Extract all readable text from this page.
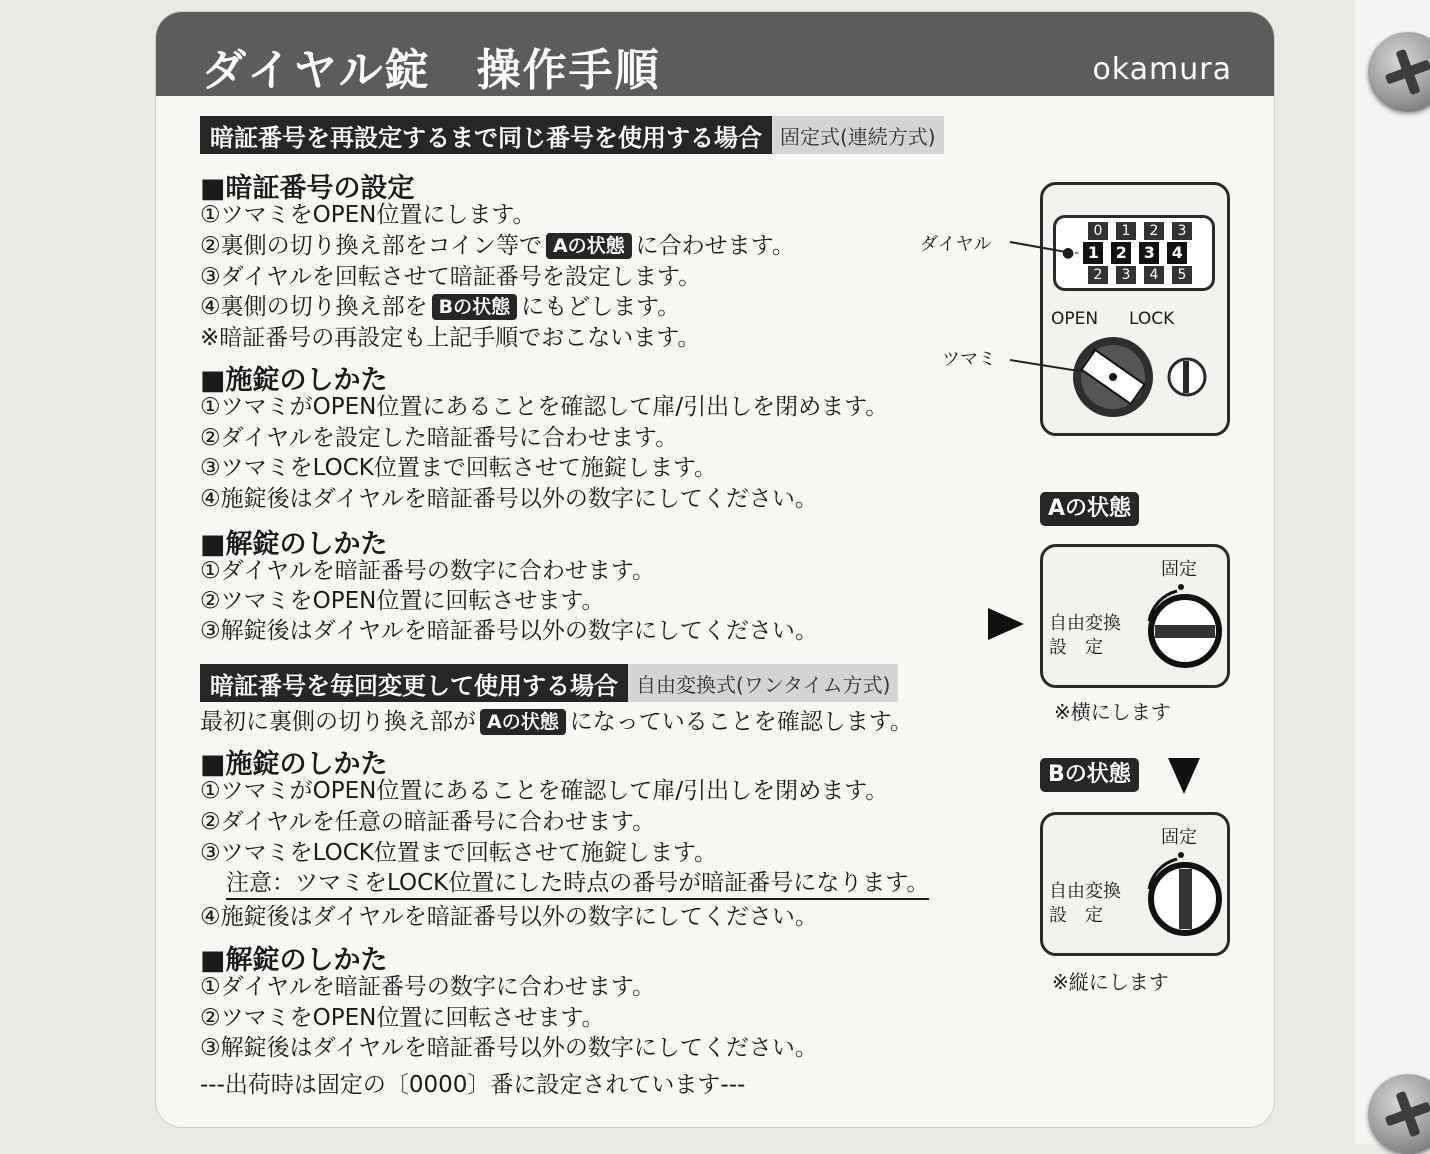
ダイヤル錠　操作手順	okamura
暗証番号を再設定するまで同じ番号を使用する場合 固定式(連続方式)
■暗証番号の設定
①ツマミをOPEN位置にします。
②裏側の切り換え部をコイン等で Aの状態 に合わせます。
③ダイヤルを回転させて暗証番号を設定します。
④裏側の切り換え部を Bの状態 にもどします。
※暗証番号の再設定も上記手順でおこないます。
■施錠のしかた
①ツマミがOPEN位置にあることを確認して扉/引出しを閉めます。
②ダイヤルを設定した暗証番号に合わせます。
③ツマミをLOCK位置まで回転させて施錠します。
④施錠後はダイヤルを暗証番号以外の数字にしてください。
■解錠のしかた
①ダイヤルを暗証番号の数字に合わせます。
②ツマミをOPEN位置に回転させます。
③解錠後はダイヤルを暗証番号以外の数字にしてください。
暗証番号を毎回変更して使用する場合 自由変換式(ワンタイム方式)
最初に裏側の切り換え部が Aの状態 になっていることを確認します。
■施錠のしかた
①ツマミがOPEN位置にあることを確認して扉/引出しを閉めます。
②ダイヤルを任意の暗証番号に合わせます。
③ツマミをLOCK位置まで回転させて施錠します。
注意：ツマミをLOCK位置にした時点の番号が暗証番号になります。
④施錠後はダイヤルを暗証番号以外の数字にしてください。
■解錠のしかた
①ダイヤルを暗証番号の数字に合わせます。
②ツマミをOPEN位置に回転させます。
③解錠後はダイヤルを暗証番号以外の数字にしてください。
---出荷時は固定の〔0000〕番に設定されています---
ダイヤル
ツマミ
0	1	2	3
●- 1 2 3 4
2	3	4	5
OPEN LOCK
Aの状態
固定
自由変換
設　定
※横にします
Bの状態
固定
自由変換
設　定
※縦にします
